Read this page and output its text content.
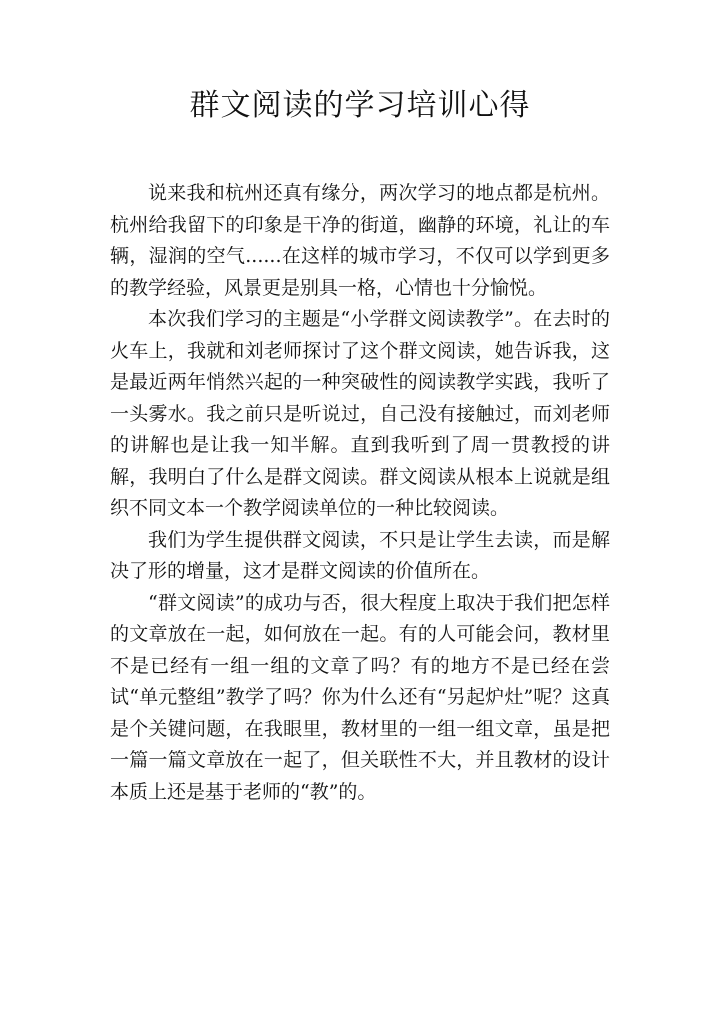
群文阅读的学习培训心得

说来我和杭州还真有缘分，两次学习的地点都是杭州。杭州给我留下的印象是干净的街道，幽静的环境，礼让的车辆，湿润的空气......在这样的城市学习，不仅可以学到更多的教学经验，风景更是别具一格，心情也十分愉悦。

本次我们学习的主题是“小学群文阅读教学”。在去时的火车上，我就和刘老师探讨了这个群文阅读，她告诉我，这是最近两年悄然兴起的一种突破性的阅读教学实践，我听了一头雾水。我之前只是听说过，自己没有接触过，而刘老师的讲解也是让我一知半解。直到我听到了周一贯教授的讲解，我明白了什么是群文阅读。群文阅读从根本上说就是组织不同文本一个教学阅读单位的一种比较阅读。

我们为学生提供群文阅读，不只是让学生去读，而是解决了形的增量，这才是群文阅读的价值所在。

“群文阅读”的成功与否，很大程度上取决于我们把怎样的文章放在一起，如何放在一起。有的人可能会问，教材里不是已经有一组一组的文章了吗？有的地方不是已经在尝试“单元整组”教学了吗？你为什么还有“另起炉灶”呢？这真是个关键问题，在我眼里，教材里的一组一组文章，虽是把一篇一篇文章放在一起了，但关联性不大，并且教材的设计本质上还是基于老师的“教”的。
